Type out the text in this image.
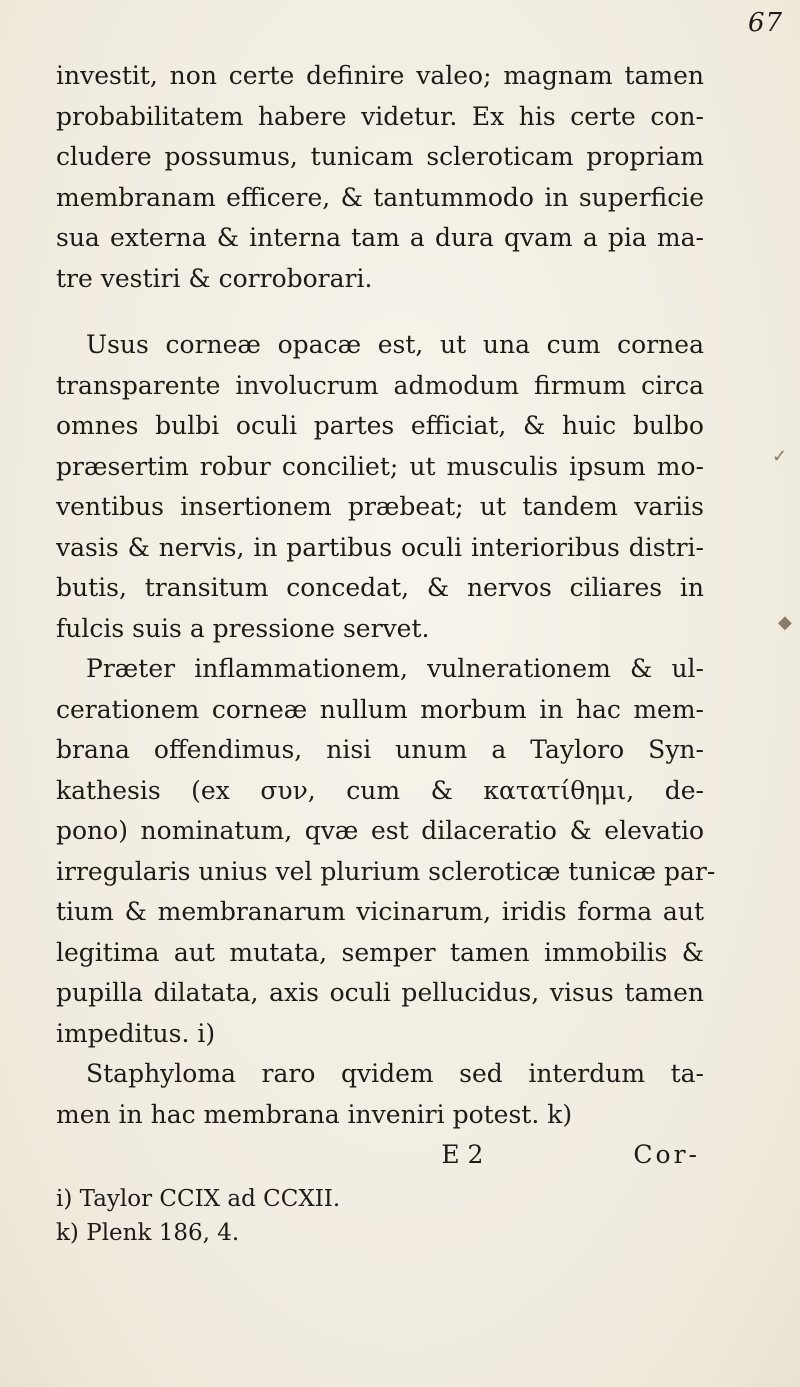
67
investit, non certe definire valeo; magnam tamen
probabilitatem habere videtur. Ex his certe con-
cludere possumus, tunicam scleroticam propriam
membranam efficere, & tantummodo in superficie
sua externa & interna tam a dura qvam a pia ma-
tre vestiri & corroborari.
Usus corneæ opacæ est, ut una cum cornea
transparente involucrum admodum firmum circa
omnes bulbi oculi partes efficiat, & huic bulbo
præsertim robur conciliet; ut musculis ipsum mo-
ventibus insertionem præbeat; ut tandem variis
vasis & nervis, in partibus oculi interioribus distri-
butis, transitum concedat, & nervos ciliares in
fulcis suis a pressione servet.
Præter inflammationem, vulnerationem & ul-
cerationem corneæ nullum morbum in hac mem-
brana offendimus, nisi unum a Tayloro Syn-
kathesis (ex συν, cum & κατατίθημι, de-
pono) nominatum, qvæ est dilaceratio & elevatio
irregularis unius vel plurium scleroticæ tunicæ par-
tium & membranarum vicinarum, iridis forma aut
legitima aut mutata, semper tamen immobilis &
pupilla dilatata, axis oculi pellucidus, visus tamen
impeditus. i)
Staphyloma raro qvidem sed interdum ta-
men in hac membrana inveniri potest. k)
E 2	Cor-
i) Taylor CCIX ad CCXII.
k) Plenk 186, 4.
✓
◆
